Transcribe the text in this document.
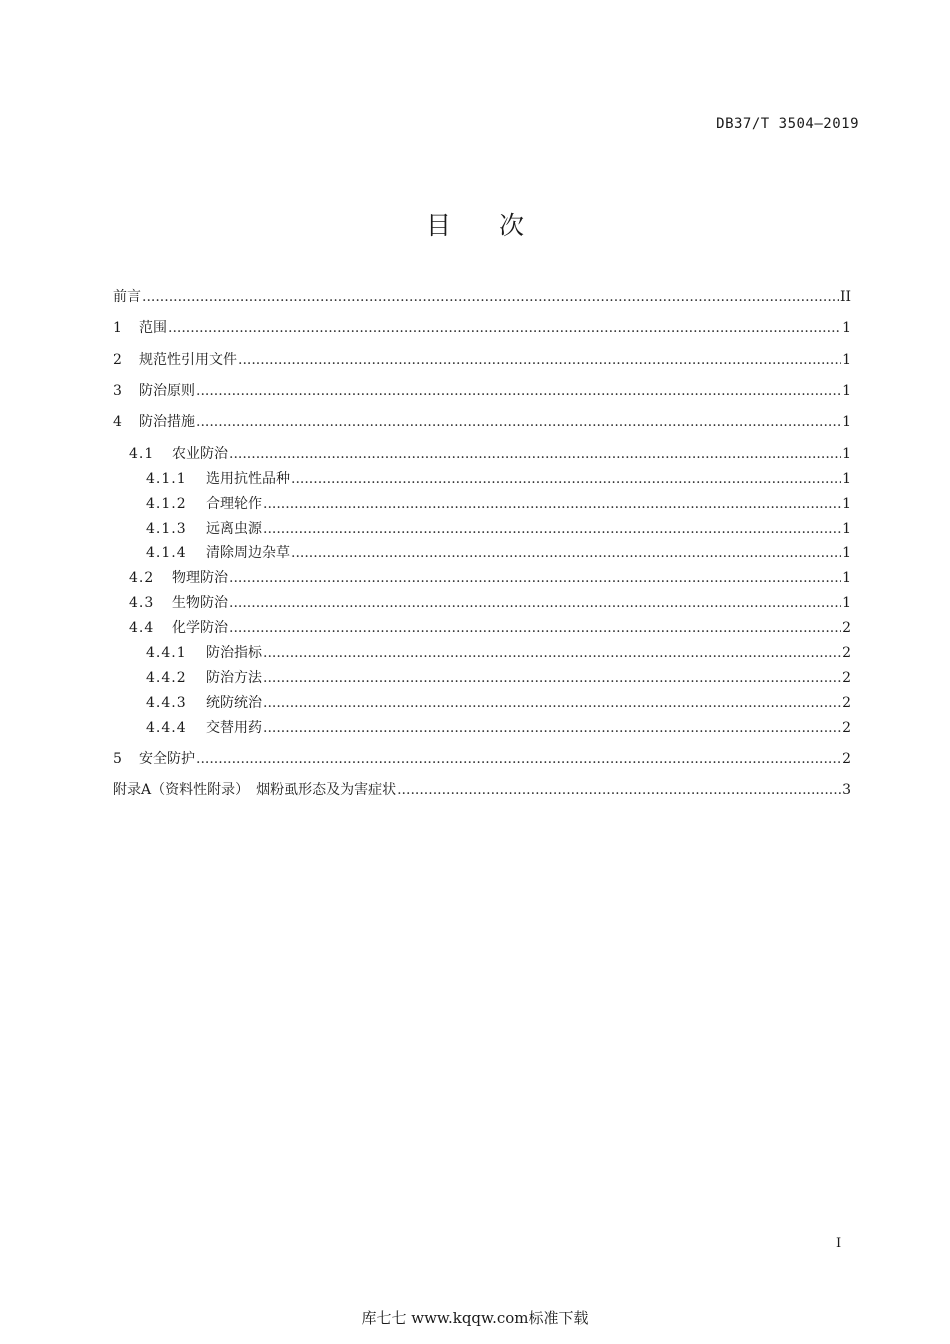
DB37/T 3504—2019
目 次
前言 .....	II
1	范围 .....	1
2	规范性引用文件 .....	1
3	防治原则 .....	1
4	防治措施 .....	1
4.1	农业防治 .....	1
4.1.1	选用抗性品种 .....	1
4.1.2	合理轮作 .....	1
4.1.3	远离虫源 .....	1
4.1.4	清除周边杂草 .....	1
4.2	物理防治 .....	1
4.3	生物防治 .....	1
4.4	化学防治 .....	2
4.4.1	防治指标 .....	2
4.4.2	防治方法 .....	2
4.4.3	统防统治 .....	2
4.4.4	交替用药 .....	2
5	安全防护 .....	2
附录A（资料性附录）　烟粉虱形态及为害症状 .....	3
I
库七七 www.kqqw.com标准下载
